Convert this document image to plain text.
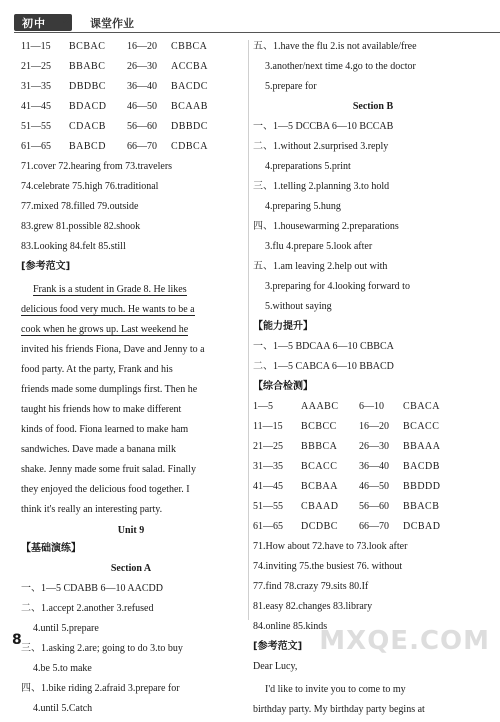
初中 » 课堂作业
11—15 BCBAC 16—20 CBBCA
21—25 BBABC 26—30 ACCBA
31—35 DBDBC 36—40 BACDC
41—45 BDACD 46—50 BCAAB
51—55 CDACB 56—60 DBBDC
61—65 BABCD 66—70 CDBCA
71.cover 72.hearing from 73.travelers
74.celebrate 75.high 76.traditional
77.mixed 78.filled 79.outside
83.grew 81.possible 82.shook
83.Looking 84.felt 85.still
[参考范文]
Frank is a student in Grade 8. He likes
delicious food very much. He wants to be a
cook when he grows up. Last weekend he
invited his friends Fiona, Dave and Jenny to a
food party. At the party, Frank and his
friends made some dumplings first. Then he
taught his friends how to make different
kinds of food. Fiona learned to make ham
sandwiches. Dave made a banana milk
shake. Jenny made some fruit salad. Finally
they enjoyed the delicious food together. I
think it's really an interesting party.
Unit 9
【基础演练】
Section A
一、1—5 CDABB 6—10 AACDD
二、1.accept 2.another 3.refused
4.until 5.prepare
三、1.asking 2.are; going to do 3.to buy
4.be 5.to make
四、1.bike riding 2.afraid 3.prepare for
4.until 5.Catch
五、1.have the flu 2.is not available/free
3.another/next time 4.go to the doctor
5.prepare for
Section B
一、1—5 DCCBA 6—10 BCCAB
二、1.without 2.surprised 3.reply
4.preparations 5.print
三、1.telling 2.planning 3.to hold
4.preparing 5.hung
四、1.housewarming 2.preparations
3.flu 4.prepare 5.look after
五、1.am leaving 2.help out with
3.preparing for 4.looking forward to
5.without saying
【能力提升】
一、1—5 BDCAA 6—10 CBBCA
二、1—5 CABCA 6—10 BBACD
【综合检测】
1—5	AAABC 6—10 CBACA
11—15 BCBCC 16—20 BCACC
21—25 BBBCA 26—30 BBAAA
31—35 BCACC 36—40 BACDB
41—45 BCBAA 46—50 BBDDD
51—55 CBAAD 56—60 BBACB
61—65 DCDBC 66—70 DCBAD
71.How about 72.have to 73.look after
74.inviting 75.the busiest 76. without
77.find 78.crazy 79.sits 80.If
81.easy 82.changes 83.library
84.online 85.kinds
[参考范文]
Dear Lucy,
I'd like to invite you to come to my
birthday party. My birthday party begins at
8	MXQE.COM
